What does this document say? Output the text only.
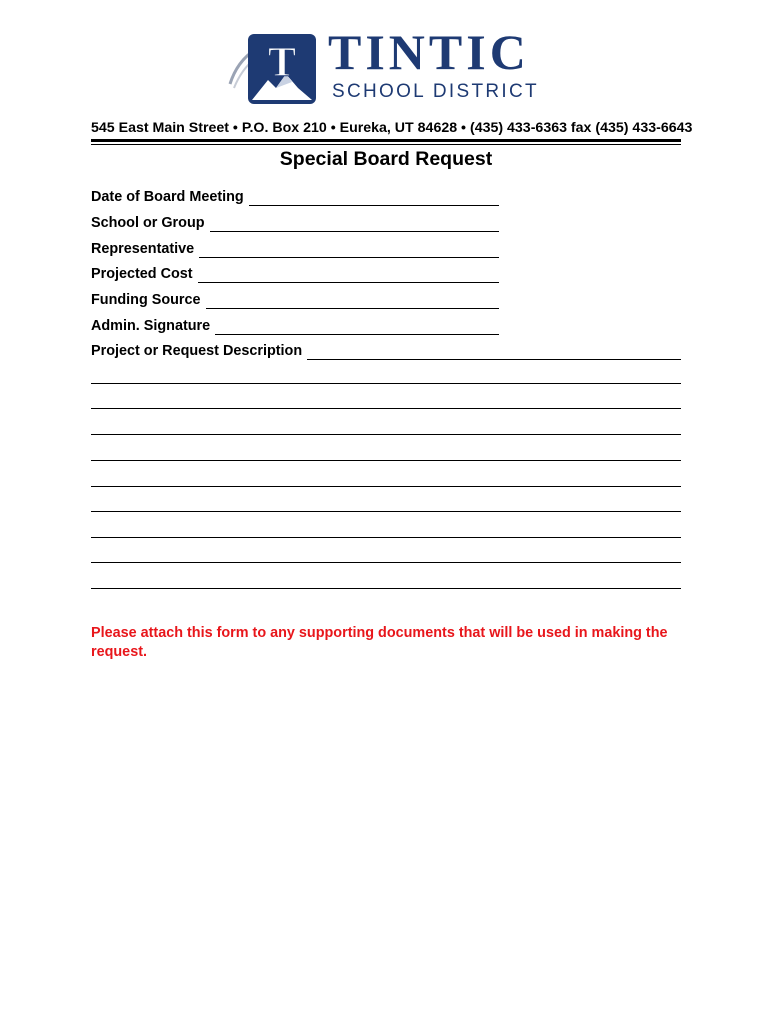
T TINTIC
SCHOOL DISTRICT
545 East Main Street • P.O. Box 210 • Eureka, UT 84628 • (435) 433-6363 fax (435) 433-6643
Special Board Request
Date of Board Meeting
School or Group
Representative
Projected Cost
Funding Source
Admin. Signature
Project or Request Description
Please attach this form to any supporting documents that will be used in making the request.
